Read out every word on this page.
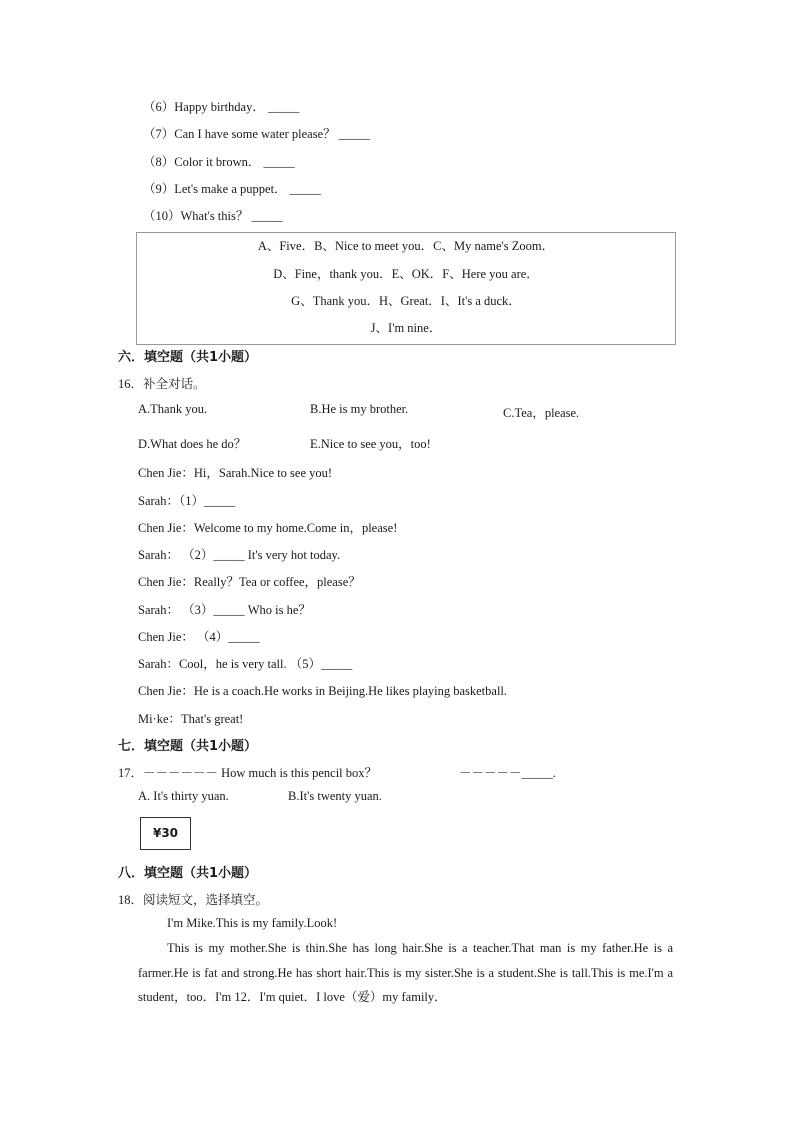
（6）Happy birthday． _____
（7）Can I have some water please？ _____
（8）Color it brown． _____
（9）Let's make a puppet． _____
（10）What's this？ _____
A、Five．B、Nice to meet you．C、My name's Zoom．
D、Fine，thank you．E、OK．F、Here you are．
G、Thank you．H、Great．I、It's a duck．
J、I'm nine．
六．填空题（共1小题）
16．补全对话。
A.Thank you.	B.He is my brother.	C.Tea，please.
D.What does he do？	E.Nice to see you，too!
Chen Jie：Hi，Sarah.Nice to see you!
Sarah：（1）_____
Chen Jie：Welcome to my home.Come in，please!
Sarah： （2）_____ It's very hot today.
Chen Jie：Really？Tea or coffee，please？
Sarah： （3）_____ Who is he？
Chen Jie： （4）_____
Sarah：Cool，he is very tall. （5）_____
Chen Jie：He is a coach.He works in Beijing.He likes playing basketball.
Mi·ke：That's great!
七．填空题（共1小题）
17．－－－－－－ How much is this pencil box？	－－－－－_____.
A. It's thirty yuan.	B.It's twenty yuan.
¥30
八．填空题（共1小题）
18．阅读短文，选择填空。
I'm Mike.This is my family.Look!
This is my mother.She is thin.She has long hair.She is a teacher.That man is my father.He is a farmer.He is fat and strong.He has short hair.This is my sister.She is a student.She is tall.This is me.I'm a student，too．I'm 12．I'm quiet．I love（爱）my family．
